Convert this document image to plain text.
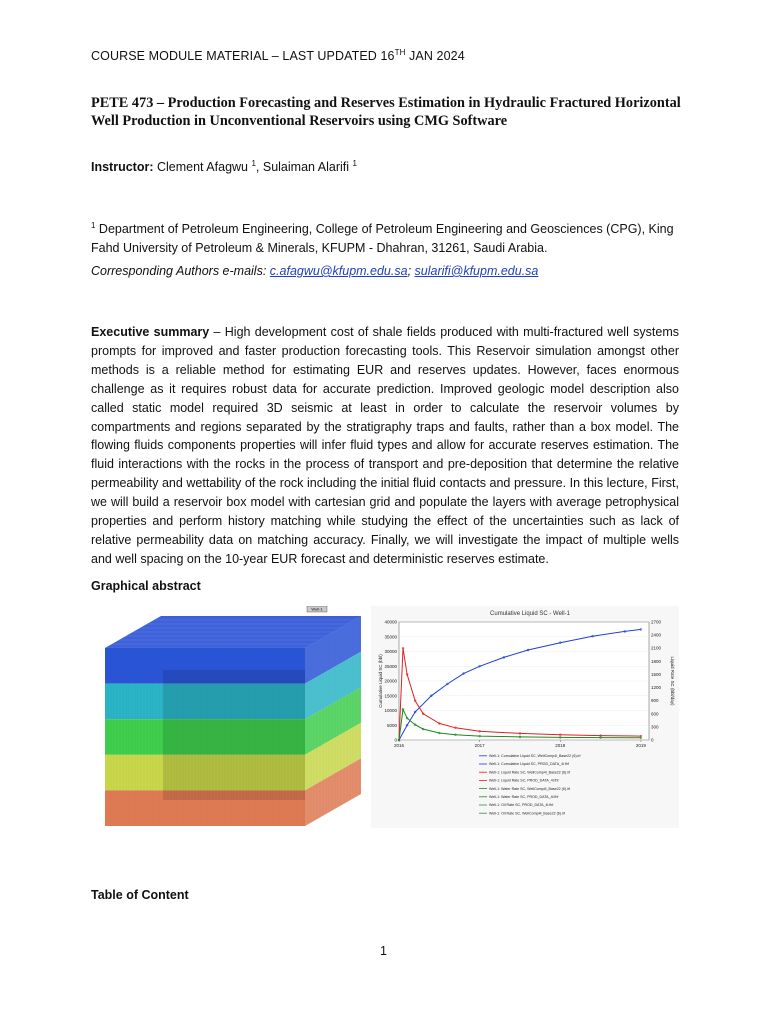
COURSE MODULE MATERIAL – LAST UPDATED 16TH JAN 2024
PETE 473 – Production Forecasting and Reserves Estimation in Hydraulic Fractured Horizontal Well Production in Unconventional Reservoirs using CMG Software
Instructor: Clement Afagwu $^1$, Sulaiman Alarifi $^1$
$^1$ Department of Petroleum Engineering, College of Petroleum Engineering and Geosciences (CPG), King Fahd University of Petroleum & Minerals, KFUPM - Dhahran, 31261, Saudi Arabia.
Corresponding Authors e-mails: c.afagwu@kfupm.edu.sa; sularifi@kfupm.edu.sa
Executive summary – High development cost of shale fields produced with multi-fractured well systems prompts for improved and faster production forecasting tools. This Reservoir simulation amongst other methods is a reliable method for estimating EUR and reserves updates. However, faces enormous challenge as it requires robust data for accurate prediction. Improved geologic model description also called static model required 3D seismic at least in order to calculate the reservoir volumes by compartments and regions separated by the stratigraphy traps and faults, rather than a box model. The flowing fluids components properties will infer fluid types and allow for accurate reserves estimation. The fluid interactions with the rocks in the process of transport and pre-deposition that determine the relative permeability and wettability of the rock including the initial fluid contacts and pressure. In this lecture, First, we will build a reservoir box model with cartesian grid and populate the layers with average petrophysical properties and perform history matching while studying the effect of the uncertainties such as lack of relative permeability data on matching accuracy. Finally, we will investigate the impact of multiple wells and well spacing on the 10-year EUR forecast and deterministic reserves estimate.
Graphical abstract
Well-1
Cumulative Liquid SC - Well-1
2016	2017	2018	2019
0
5000
10000
15000
20000
25000
30000
35000
40000
0
300
600
900
1200
1500
1800
2100
2400
2700
Cumulative Liquid SC (bbl)	Liquid Rate SC (bbl/day)
Well-1: Cumulative Liquid SC, WellComp4l_Base22 (6).irf
Well-1: Cumulative Liquid SC, PROD_DATA_4l.fhf
Well-1: Liquid Rate SC, WellComp4l_Base22 (6).irf
Well-1: Liquid Rate SC, PROD_DATA_4l.fhf
Well-1: Water Rate SC, WellComp4l_Base22 (6).irf
Well-1: Water Rate SC, PROD_DATA_4l.fhf
Well-1: Oil Rate SC, PROD_DATA_4l.fhf
Well-1: Oil Rate SC, WellComp4l_Base22 (6).irf
Table of Content
1
